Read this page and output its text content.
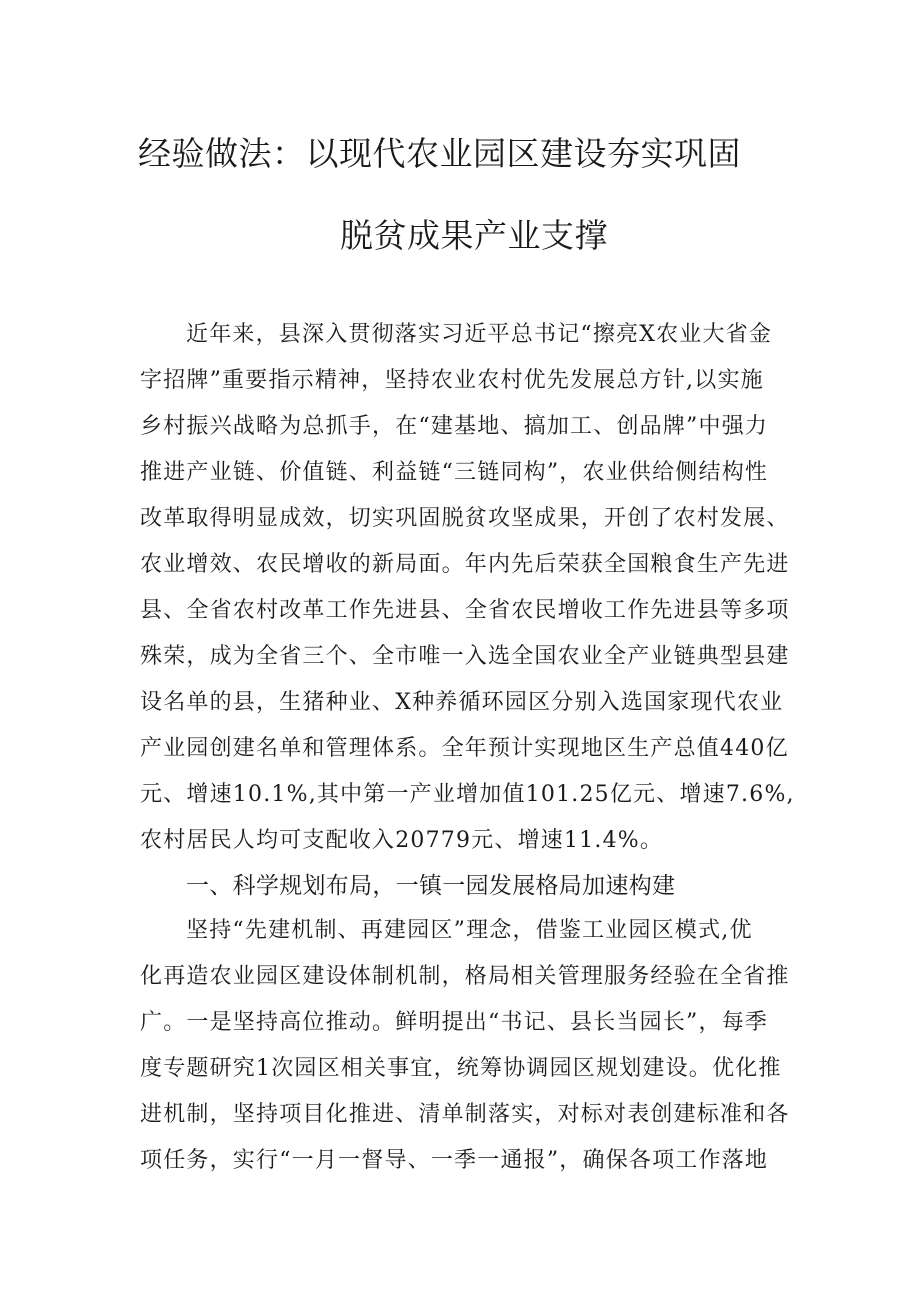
经验做法：以现代农业园区建设夯实巩固
脱贫成果产业支撑
近年来，县深入贯彻落实习近平总书记“擦亮X农业大省金
字招牌”重要指示精神，坚持农业农村优先发展总方针,以实施
乡村振兴战略为总抓手，在“建基地、搞加工、创品牌”中强力
推进产业链、价值链、利益链“三链同构”，农业供给侧结构性
改革取得明显成效，切实巩固脱贫攻坚成果，开创了农村发展、
农业增效、农民增收的新局面。年内先后荣获全国粮食生产先进
县、全省农村改革工作先进县、全省农民增收工作先进县等多项
殊荣，成为全省三个、全市唯一入选全国农业全产业链典型县建
设名单的县，生猪种业、X种养循环园区分别入选国家现代农业
产业园创建名单和管理体系。全年预计实现地区生产总值440亿
元、增速10.1%,其中第一产业增加值101.25亿元、增速7.6%,
农村居民人均可支配收入20779元、增速11.4%。
一、科学规划布局，一镇一园发展格局加速构建
坚持“先建机制、再建园区”理念，借鉴工业园区模式,优
化再造农业园区建设体制机制，格局相关管理服务经验在全省推
广。一是坚持高位推动。鲜明提出“书记、县长当园长”，每季
度专题研究1次园区相关事宜，统筹协调园区规划建设。优化推
进机制，坚持项目化推进、清单制落实，对标对表创建标准和各
项任务，实行“一月一督导、一季一通报”，确保各项工作落地
